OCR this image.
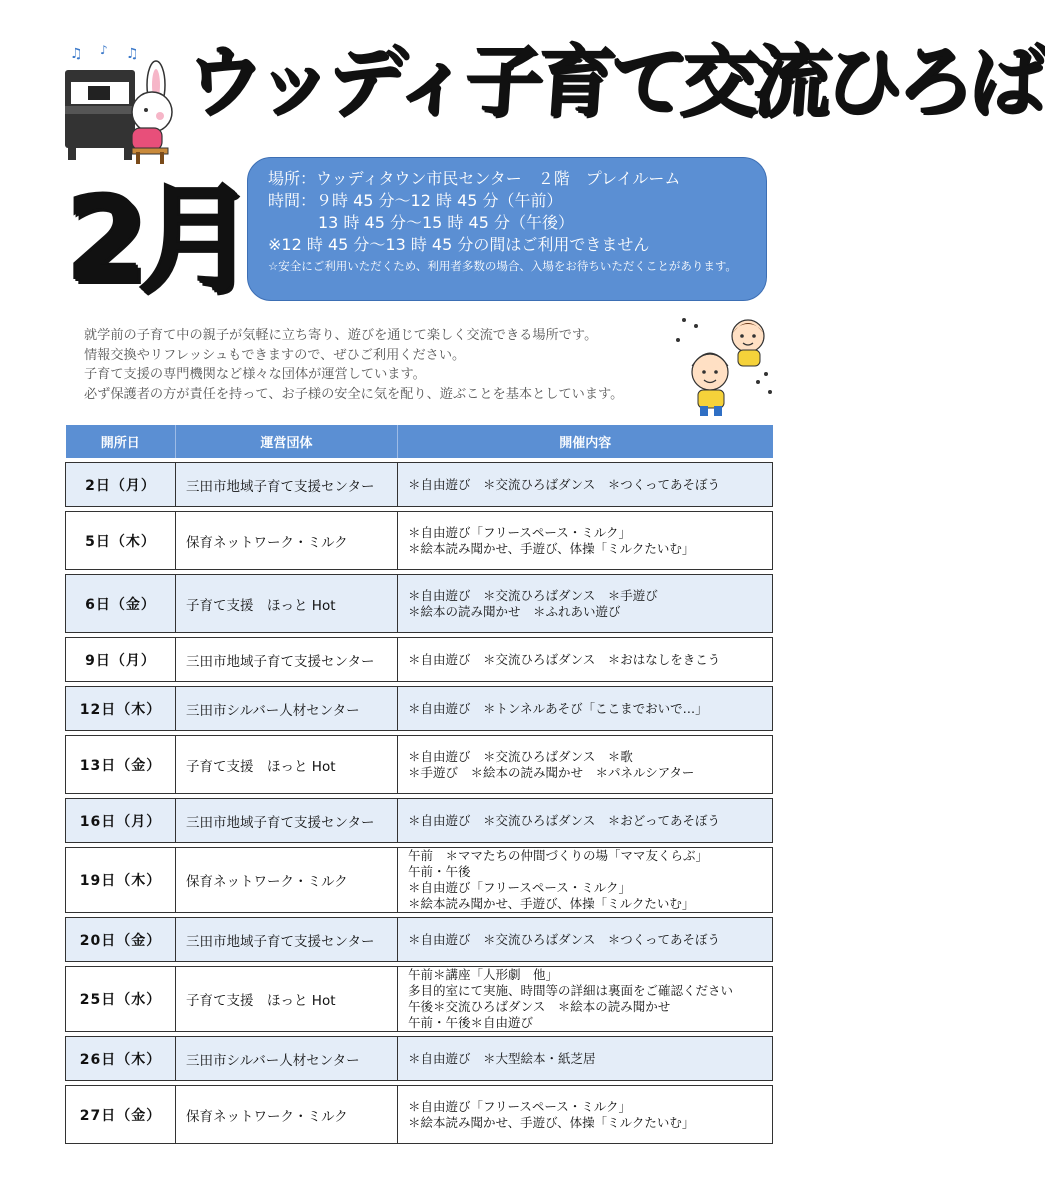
♫ ♪ ♫ ウッディ子育て交流ひろば
2月 場所：ウッディタウン市民センター　２階　プレイルーム
時間：９時 45 分～12 時 45 分（午前）
13 時 45 分～15 時 45 分（午後）
※12 時 45 分～13 時 45 分の間はご利用できません
☆安全にご利用いただくため、利用者多数の場合、入場をお待ちいただくことがあります。
就学前の子育て中の親子が気軽に立ち寄り、遊びを通じて楽しく交流できる場所です。
情報交換やリフレッシュもできますので、ぜひご利用ください。
子育て支援の専門機関など様々な団体が運営しています。
必ず保護者の方が責任を持って、お子様の安全に気を配り、遊ぶことを基本としています。
開所日	運営団体	開催内容

2日（月）	三田市地域子育て支援センター	＊自由遊び　＊交流ひろばダンス　＊つくってあそぼう

5日（木）	保育ネットワーク・ミルク	＊自由遊び「フリースペース・ミルク」
＊絵本読み聞かせ、手遊び、体操「ミルクたいむ」

6日（金）	子育て支援　ほっと Hot	＊自由遊び　＊交流ひろばダンス　＊手遊び
＊絵本の読み聞かせ　＊ふれあい遊び

9日（月）	三田市地域子育て支援センター	＊自由遊び　＊交流ひろばダンス　＊おはなしをきこう

12日（木）	三田市シルバー人材センター	＊自由遊び　＊トンネルあそび「ここまでおいで…」

13日（金）	子育て支援　ほっと Hot	＊自由遊び　＊交流ひろばダンス　＊歌
＊手遊び　＊絵本の読み聞かせ　＊パネルシアター

16日（月）	三田市地域子育て支援センター	＊自由遊び　＊交流ひろばダンス　＊おどってあそぼう

19日（木）	保育ネットワーク・ミルク	午前　＊ママたちの仲間づくりの場「ママ友くらぶ」
午前・午後
＊自由遊び「フリースペース・ミルク」
＊絵本読み聞かせ、手遊び、体操「ミルクたいむ」

20日（金）	三田市地域子育て支援センター	＊自由遊び　＊交流ひろばダンス　＊つくってあそぼう

25日（水）	子育て支援　ほっと Hot	午前＊講座「人形劇　他」
多目的室にて実施、時間等の詳細は裏面をご確認ください
午後＊交流ひろばダンス　＊絵本の読み聞かせ
午前・午後＊自由遊び

26日（木）	三田市シルバー人材センター	＊自由遊び　＊大型絵本・紙芝居

27日（金）	保育ネットワーク・ミルク	＊自由遊び「フリースペース・ミルク」
＊絵本読み聞かせ、手遊び、体操「ミルクたいむ」
